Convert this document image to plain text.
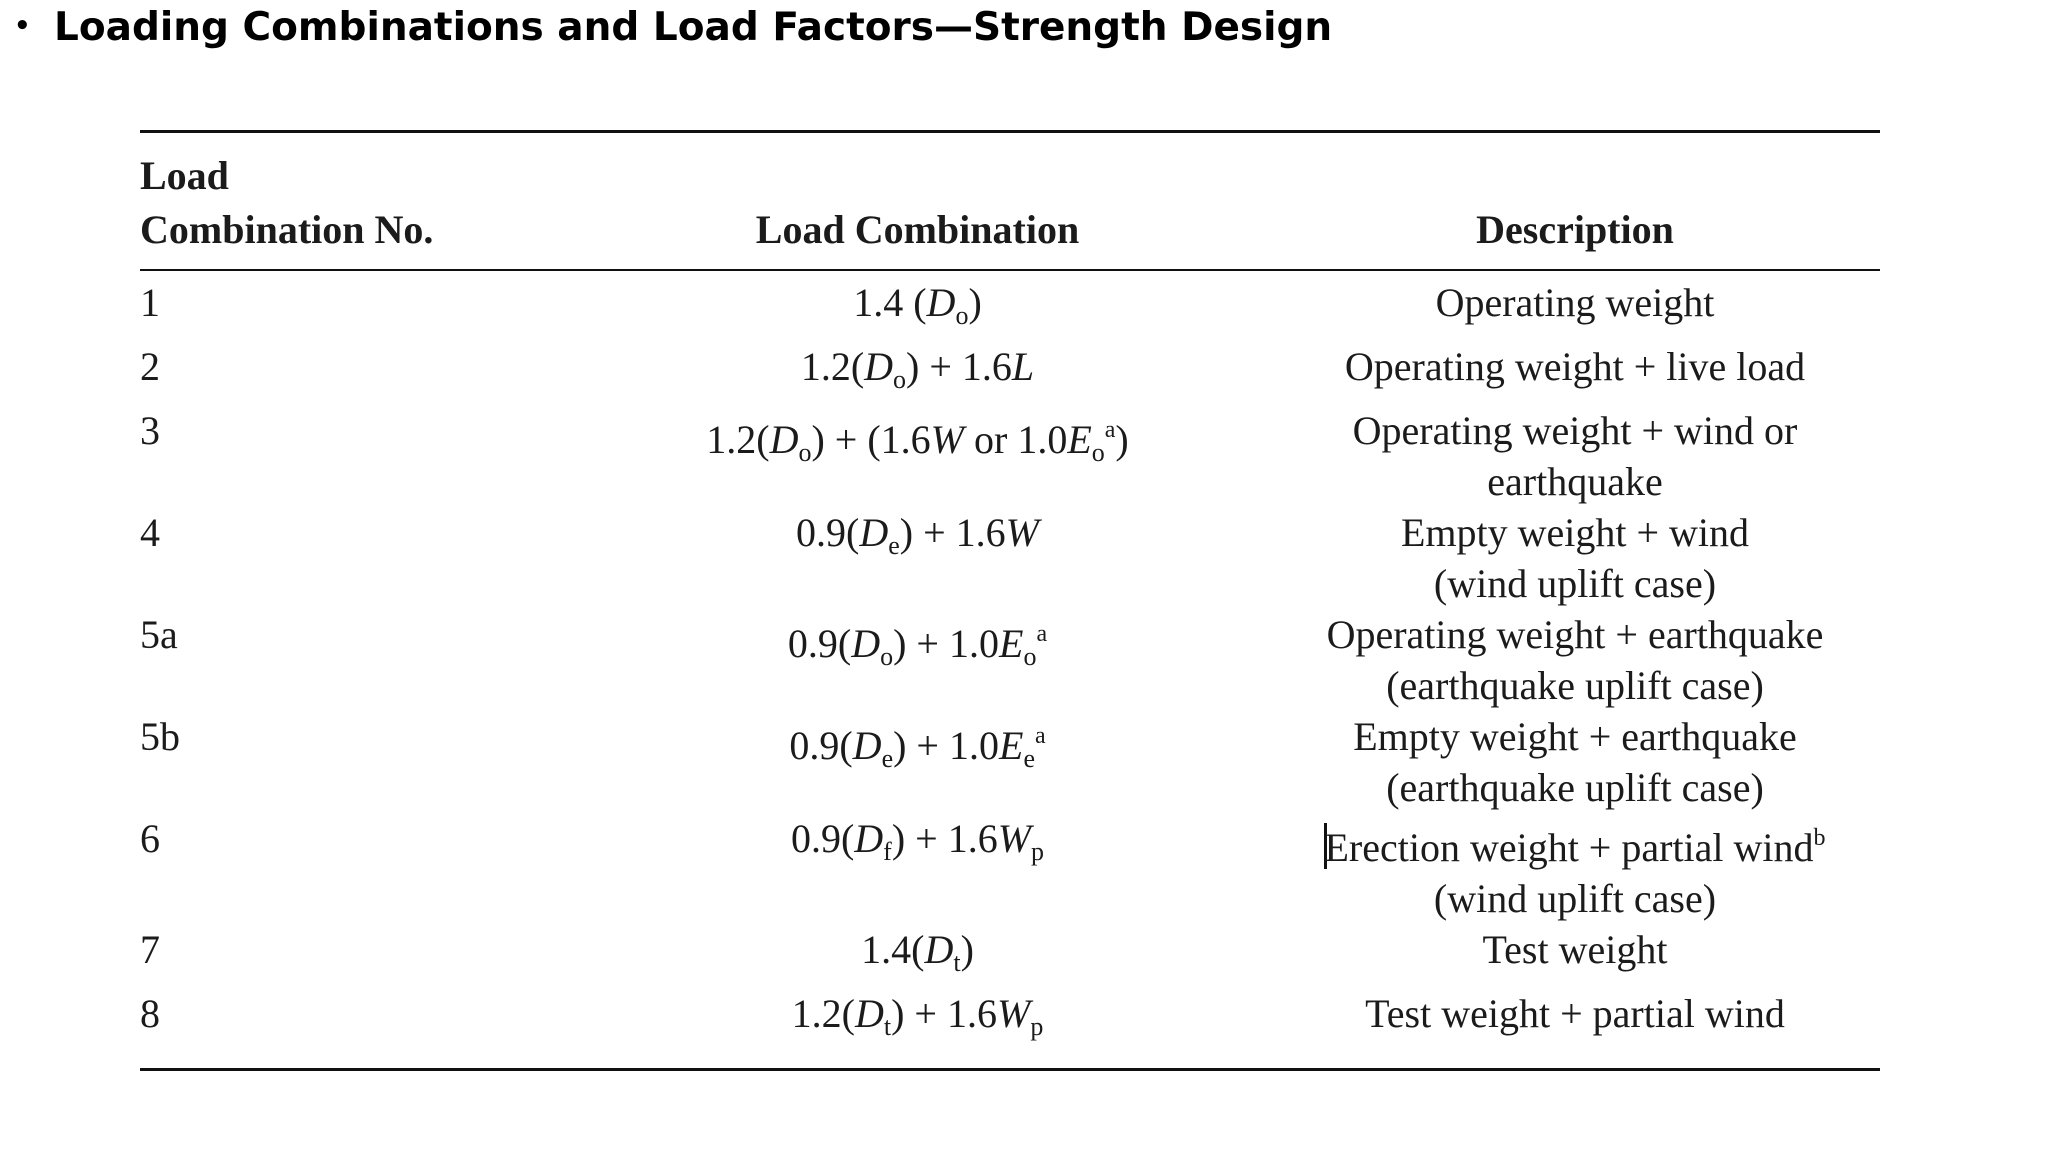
• Loading Combinations and Load Factors—Strength Design
Load
Combination No.	Load Combination	Description
1	1.4 $(D_o)$	Operating weight
2	$1.2(D_o) + 1.6L$	Operating weight + live load
3	$1.2(D_o) + (1.6W$ or $1.0E_o^a$)	Operating weight + wind or earthquake
4	$0.9(D_e) + 1.6W$	Empty weight + wind
(wind uplift case)
5a	$0.9(D_o) + 1.0E_o^a$	Operating weight + earthquake
(earthquake uplift case)
5b	$0.9(D_e) + 1.0E_e^a$	Empty weight + earthquake
(earthquake uplift case)
6	$0.9(D_f) + 1.6W_p$	Erection weight + partial wind$^b$
(wind uplift case)
7	$1.4(D_t)$	Test weight
8	$1.2(D_t) + 1.6W_p$	Test weight + partial wind
